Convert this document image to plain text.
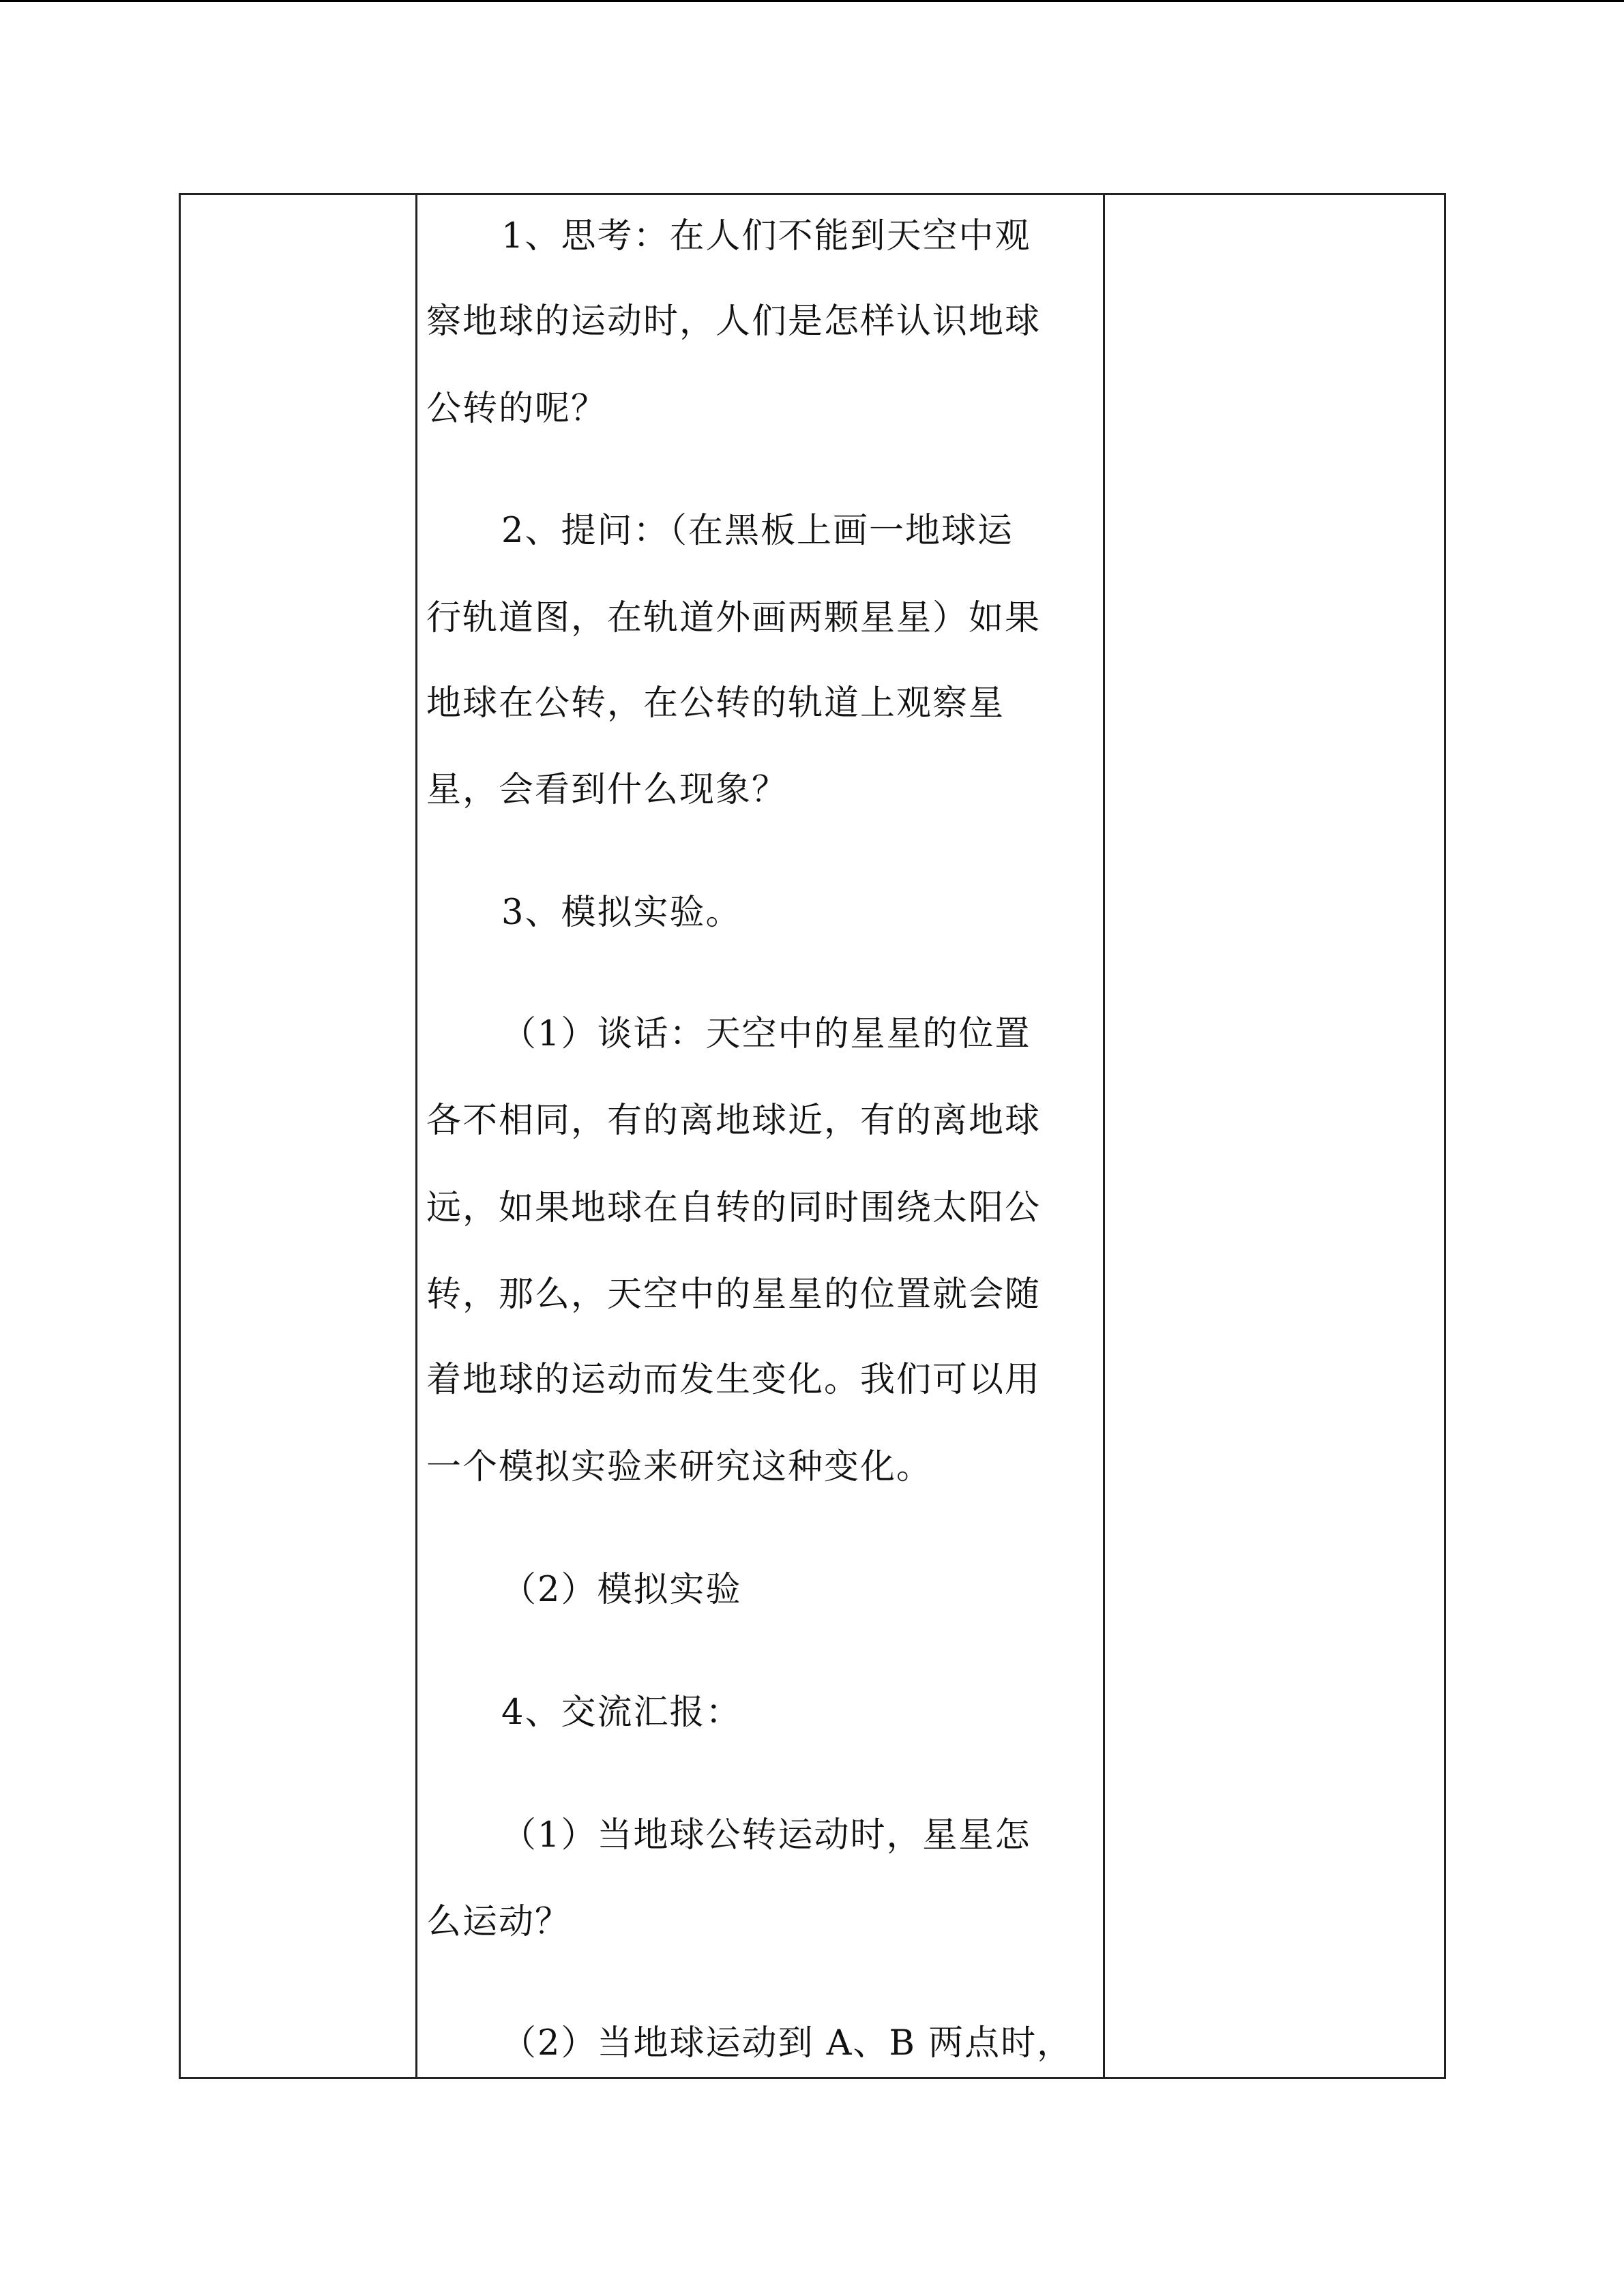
1、思考：在人们不能到天空中观
察地球的运动时，人们是怎样认识地球
公转的呢？
2、提问：（在黑板上画一地球运
行轨道图，在轨道外画两颗星星）如果
地球在公转，在公转的轨道上观察星
星，会看到什么现象？
3、模拟实验。
（1）谈话：天空中的星星的位置
各不相同，有的离地球近，有的离地球
远，如果地球在自转的同时围绕太阳公
转，那么，天空中的星星的位置就会随
着地球的运动而发生变化。我们可以用
一个模拟实验来研究这种变化。
（2）模拟实验
4、交流汇报：
（1）当地球公转运动时，星星怎
么运动？
（2）当地球运动到 A、B 两点时，
